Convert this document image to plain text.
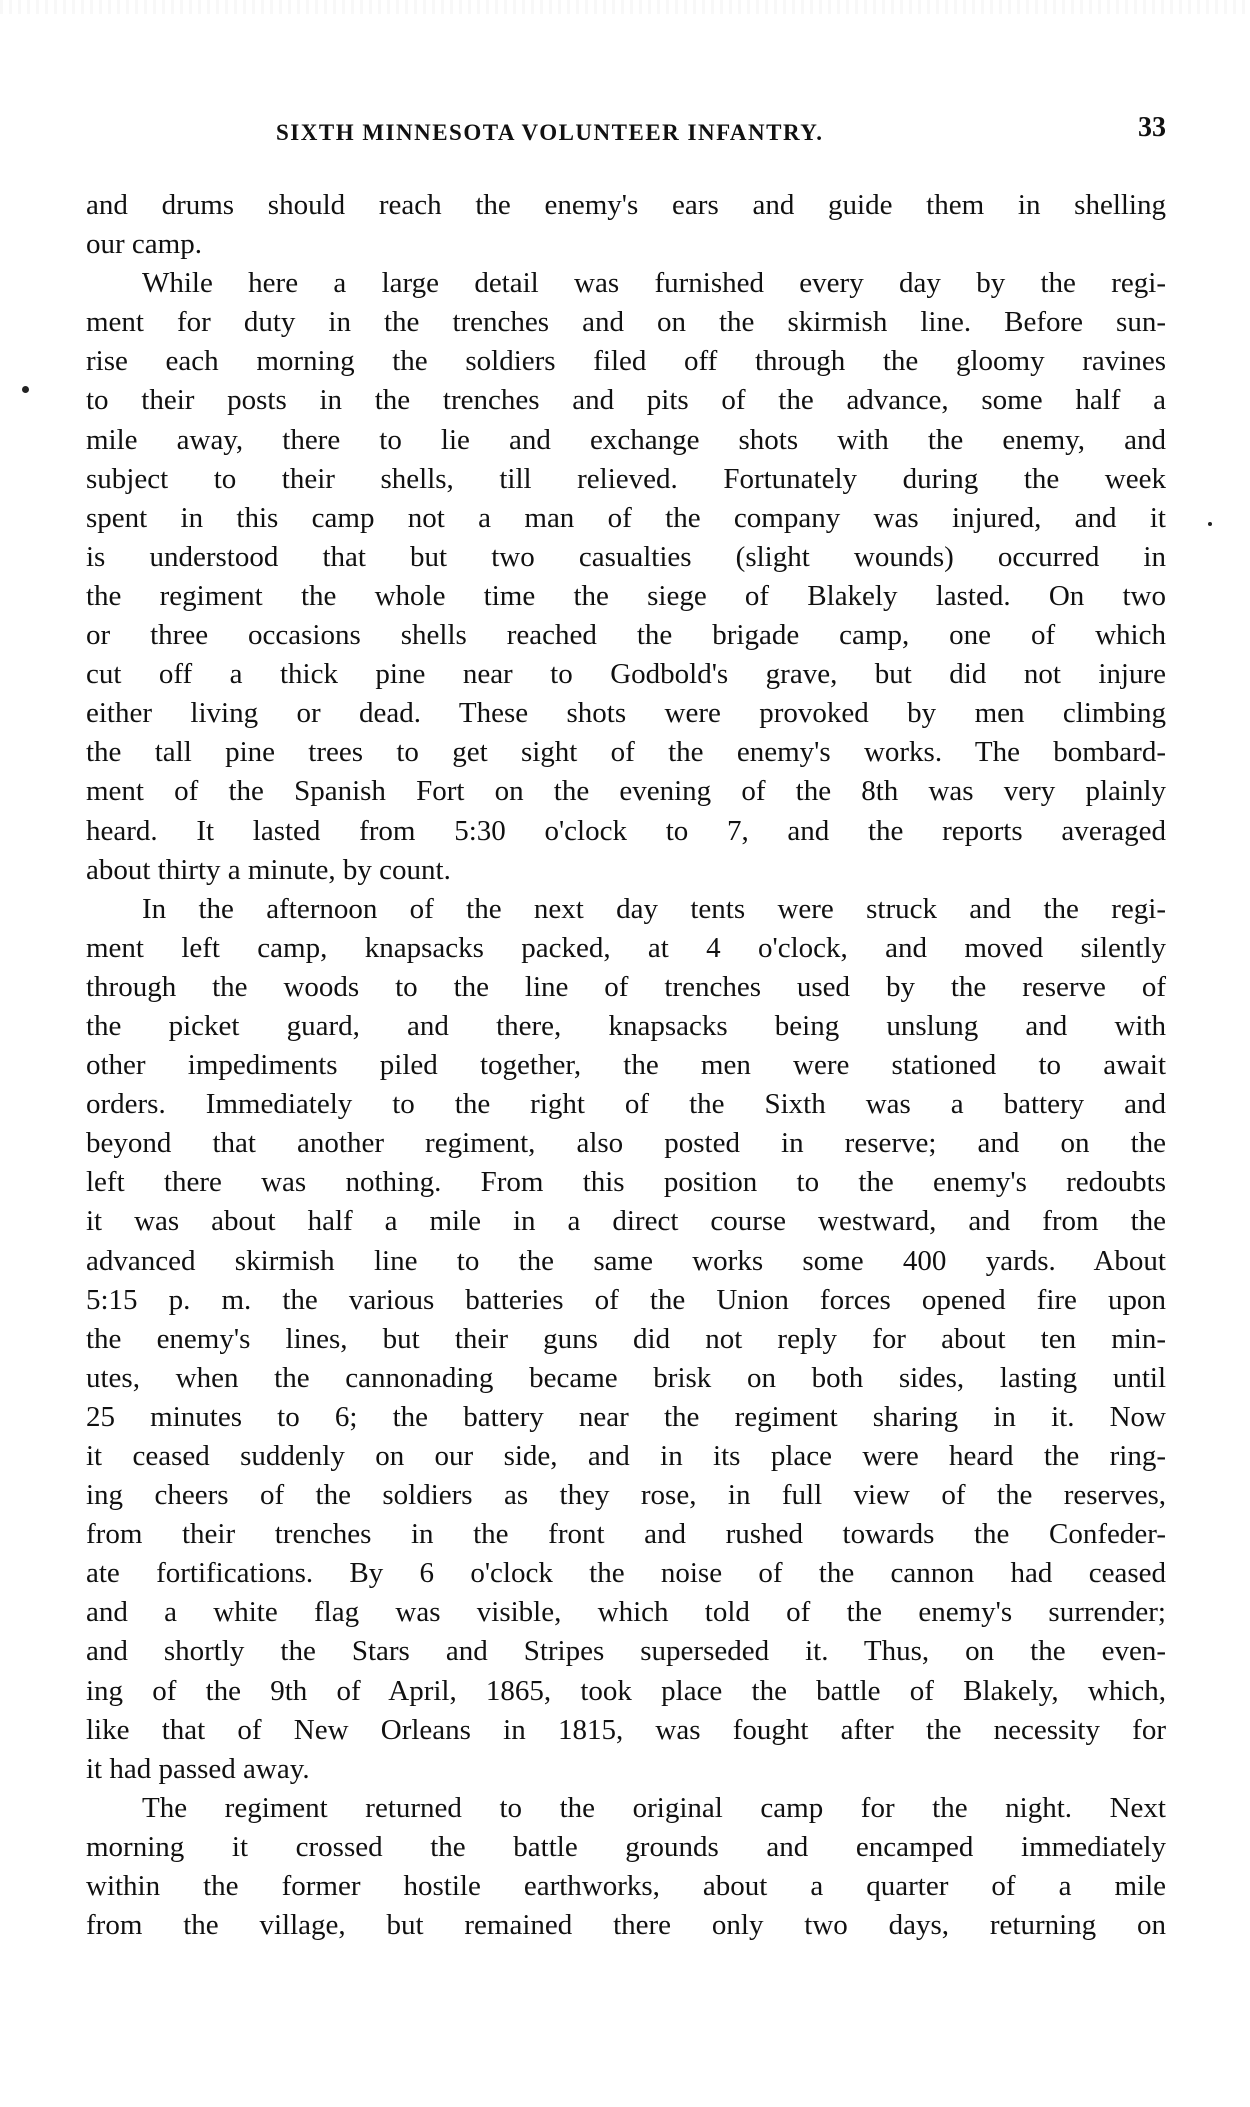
SIXTH MINNESOTA VOLUNTEER INFANTRY.	33
and drums should reach the enemy's ears and guide them in shelling
our camp.
While here a large detail was furnished every day by the regi-
ment for duty in the trenches and on the skirmish line. Before sun-
rise each morning the soldiers filed off through the gloomy ravines
to their posts in the trenches and pits of the advance, some half a
mile away, there to lie and exchange shots with the enemy, and
subject to their shells, till relieved. Fortunately during the week
spent in this camp not a man of the company was injured, and it
is understood that but two casualties (slight wounds) occurred in
the regiment the whole time the siege of Blakely lasted. On two
or three occasions shells reached the brigade camp, one of which
cut off a thick pine near to Godbold's grave, but did not injure
either living or dead. These shots were provoked by men climbing
the tall pine trees to get sight of the enemy's works. The bombard-
ment of the Spanish Fort on the evening of the 8th was very plainly
heard. It lasted from 5:30 o'clock to 7, and the reports averaged
about thirty a minute, by count.
In the afternoon of the next day tents were struck and the regi-
ment left camp, knapsacks packed, at 4 o'clock, and moved silently
through the woods to the line of trenches used by the reserve of
the picket guard, and there, knapsacks being unslung and with
other impediments piled together, the men were stationed to await
orders. Immediately to the right of the Sixth was a battery and
beyond that another regiment, also posted in reserve; and on the
left there was nothing. From this position to the enemy's redoubts
it was about half a mile in a direct course westward, and from the
advanced skirmish line to the same works some 400 yards. About
5:15 p. m. the various batteries of the Union forces opened fire upon
the enemy's lines, but their guns did not reply for about ten min-
utes, when the cannonading became brisk on both sides, lasting until
25 minutes to 6; the battery near the regiment sharing in it. Now
it ceased suddenly on our side, and in its place were heard the ring-
ing cheers of the soldiers as they rose, in full view of the reserves,
from their trenches in the front and rushed towards the Confeder-
ate fortifications. By 6 o'clock the noise of the cannon had ceased
and a white flag was visible, which told of the enemy's surrender;
and shortly the Stars and Stripes superseded it. Thus, on the even-
ing of the 9th of April, 1865, took place the battle of Blakely, which,
like that of New Orleans in 1815, was fought after the necessity for
it had passed away.
The regiment returned to the original camp for the night. Next
morning it crossed the battle grounds and encamped immediately
within the former hostile earthworks, about a quarter of a mile
from the village, but remained there only two days, returning on
